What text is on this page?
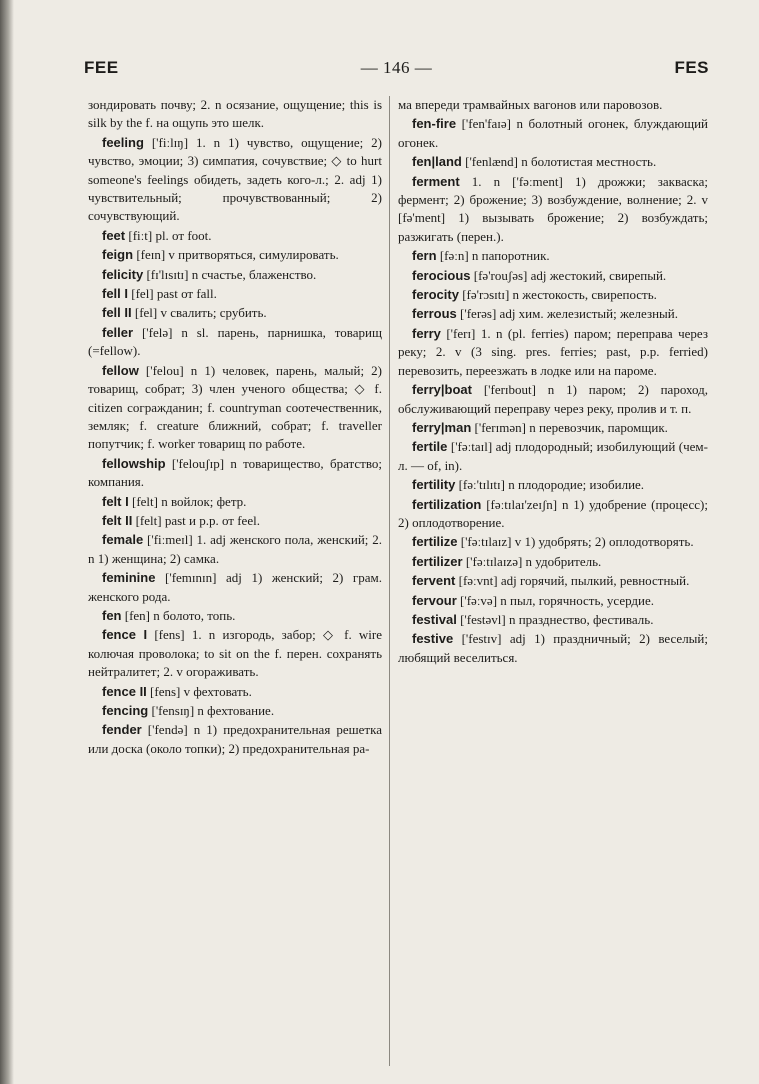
FEE	— 146 —	FES
зондировать почву; 2. n осязание, ощущение; this is silk by the f. на ощупь это шелк.
feeling ['fiːlɪŋ] 1. n 1) чувство, ощущение; 2) чувство, эмоции; 3) симпатия, сочувствие; ◇ to hurt someone's feelings обидеть, задеть кого-л.; 2. adj 1) чувствительный; прочувствованный; 2) сочувствующий.
feet [fiːt] pl. от foot.
feign [feɪn] v притворяться, симулировать.
felicity [fɪ'lɪsɪtɪ] n счастье, блаженство.
fell I [fel] past от fall.
fell II [fel] v свалить; срубить.
feller ['felə] n sl. парень, парнишка, товарищ (=fellow).
fellow ['felou] n 1) человек, парень, малый; 2) товарищ, собрат; 3) член ученого общества; ◇ f. citizen согражданин; f. countryman соотечественник, земляк; f. creature ближний, собрат; f. traveller попутчик; f. worker товарищ по работе.
fellowship ['felouʃɪp] n товарищество, братство; компания.
felt I [felt] n войлок; фетр.
felt II [felt] past и p.p. от feel.
female ['fiːmeɪl] 1. adj женского пола, женский; 2. n 1) женщина; 2) самка.
feminine ['femɪnɪn] adj 1) женский; 2) грам. женского рода.
fen [fen] n болото, топь.
fence I [fens] 1. n изгородь, забор; ◇ f. wire колючая проволока; to sit on the f. перен. сохранять нейтралитет; 2. v огораживать.
fence II [fens] v фехтовать.
fencing ['fensɪŋ] n фехтование.
fender ['fendə] n 1) предохранительная решетка или доска (около топки); 2) предохранительная ра-
ма впереди трамвайных вагонов или паровозов.
fen-fire ['fen'faɪə] n болотный огонек, блуждающий огонек.
fen|land ['fenlænd] n болотистая местность.
ferment 1. n ['fəːment] 1) дрожжи; закваска; фермент; 2) брожение; 3) возбуждение, волнение; 2. v [fə'ment] 1) вызывать брожение; 2) возбуждать; разжигать (перен.).
fern [fəːn] n папоротник.
ferocious [fə'rouʃəs] adj жестокий, свирепый.
ferocity [fə'rɔsɪtɪ] n жестокость, свирепость.
ferrous ['ferəs] adj хим. железистый; железный.
ferry ['ferɪ] 1. n (pl. ferries) паром; переправа через реку; 2. v (3 sing. pres. ferries; past, p.p. ferried) перевозить, переезжать в лодке или на пароме.
ferry|boat ['ferɪbout] n 1) паром; 2) пароход, обслуживающий переправу через реку, пролив и т. п.
ferry|man ['ferɪmən] n перевозчик, паромщик.
fertile ['fəːtaɪl] adj плодородный; изобилующий (чем-л. — of, in).
fertility [fəː'tɪlɪtɪ] n плодородие; изобилие.
fertilization [fəːtɪlaɪ'zeɪʃn] n 1) удобрение (процесс); 2) оплодотворение.
fertilize ['fəːtɪlaɪz] v 1) удобрять; 2) оплодотворять.
fertilizer ['fəːtɪlaɪzə] n удобритель.
fervent [fəːvnt] adj горячий, пылкий, ревностный.
fervour ['fəːvə] n пыл, горячность, усердие.
festival ['festəvl] n празднество, фестиваль.
festive ['festɪv] adj 1) праздничный; 2) веселый; любящий веселиться.
